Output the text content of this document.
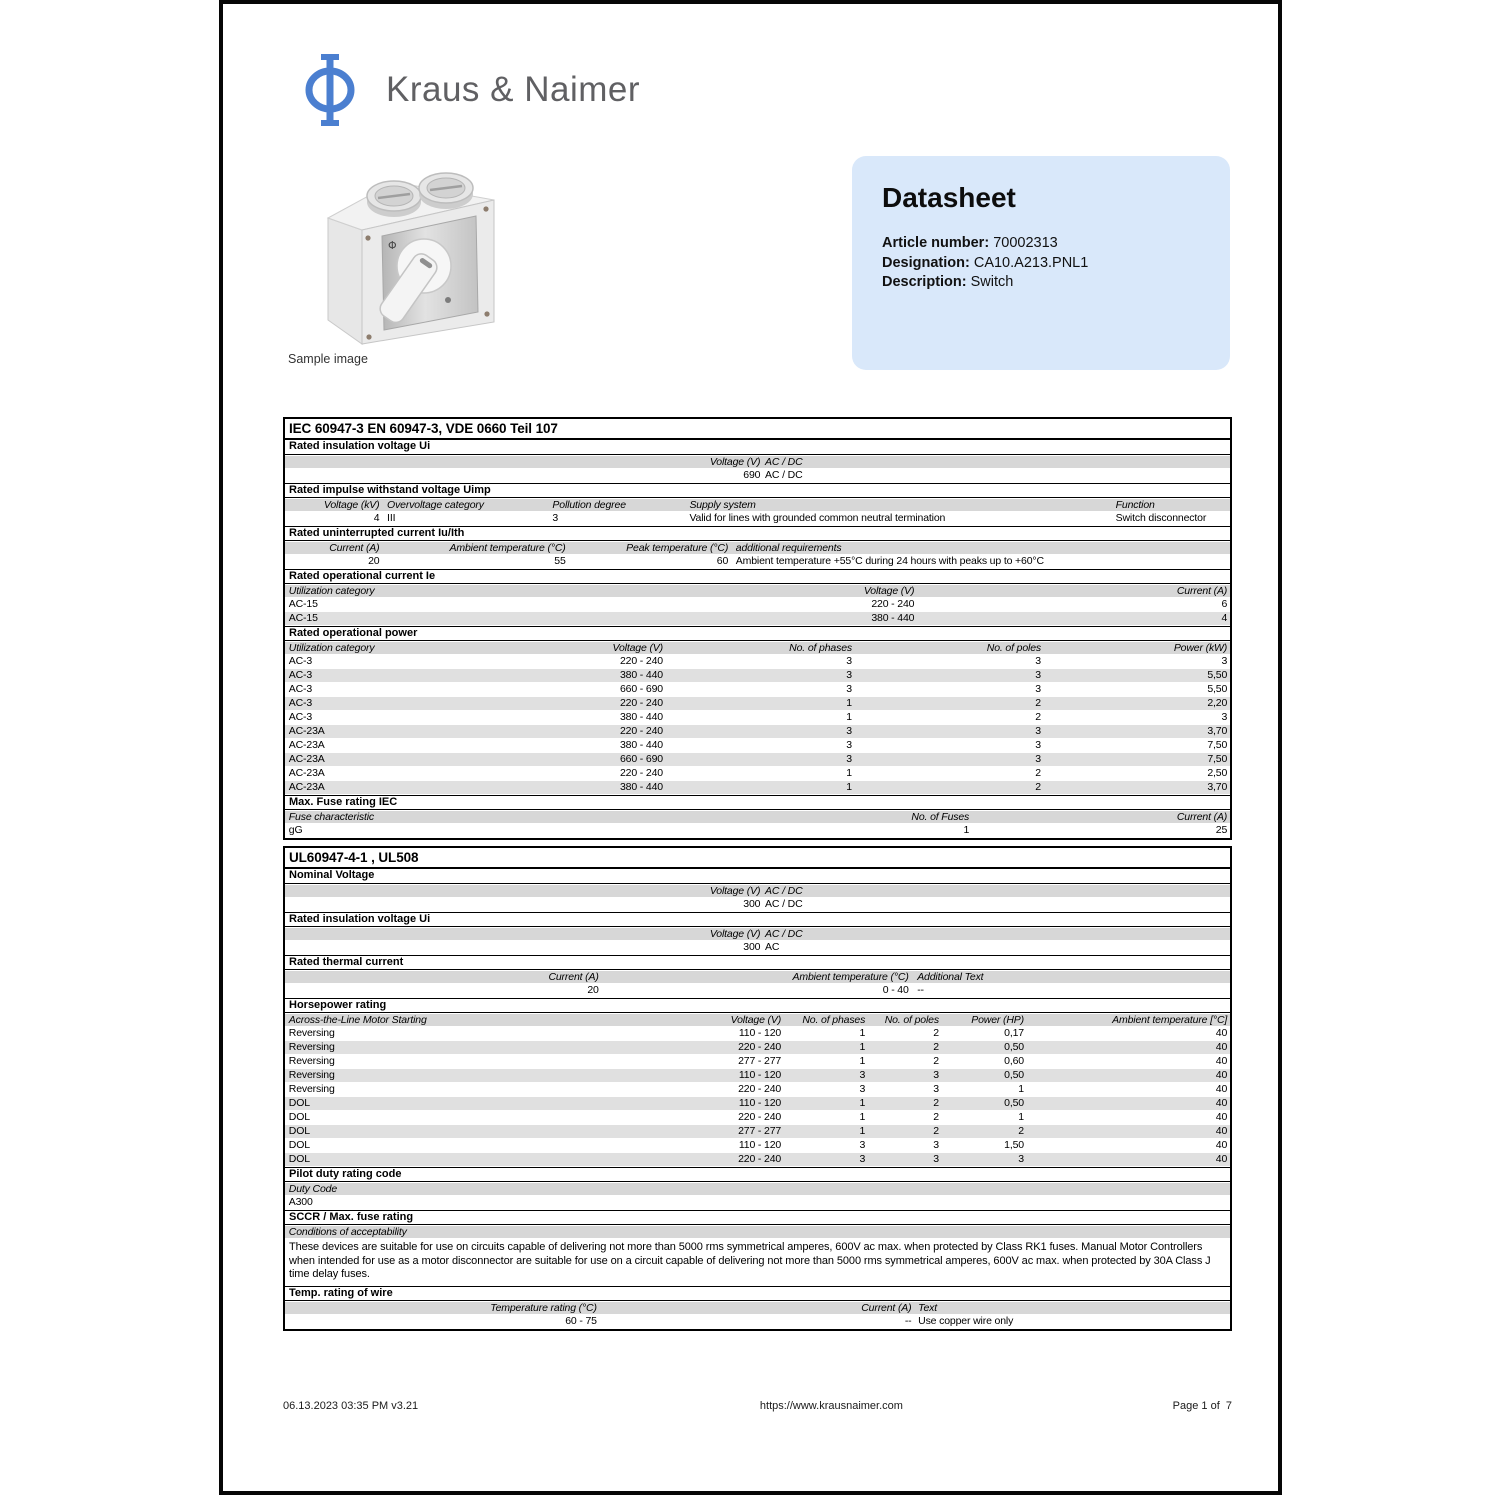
Kraus & Naimer
Φ
Sample image
Datasheet
Article number: 70002313
Designation: CA10.A213.PNL1
Description: Switch
IEC 60947-3 EN 60947-3, VDE 0660 Teil 107
Rated insulation voltage Ui
Voltage (V) AC / DC
690 AC / DC
Rated impulse withstand voltage Uimp
Voltage (kV) Overvoltage category	Pollution degree	Supply system	Function
4 III	3	Valid for lines with grounded common neutral termination	Switch disconnector
Rated uninterrupted current Iu/Ith
Current (A)	Ambient temperature (°C)	Peak temperature (°C) additional requirements
20	55	60 Ambient temperature +55°C during 24 hours with peaks up to +60°C
Rated operational current Ie
Utilization category	Voltage (V)	Current (A)
AC-15	220 - 240	6
AC-15	380 - 440	4
Rated operational power
Utilization category	Voltage (V)	No. of phases	No. of poles	Power (kW)
AC-3	220 - 240	3	3	3
AC-3	380 - 440	3	3	5,50
AC-3	660 - 690	3	3	5,50
AC-3	220 - 240	1	2	2,20
AC-3	380 - 440	1	2	3
AC-23A	220 - 240	3	3	3,70
AC-23A	380 - 440	3	3	7,50
AC-23A	660 - 690	3	3	7,50
AC-23A	220 - 240	1	2	2,50
AC-23A	380 - 440	1	2	3,70
Max. Fuse rating IEC
Fuse characteristic	No. of Fuses	Current (A)
gG	1	25
UL60947-4-1 , UL508
Nominal Voltage
Voltage (V) AC / DC
300 AC / DC
Rated insulation voltage Ui
Voltage (V) AC / DC
300 AC
Rated thermal current
Current (A)	Ambient temperature (°C) Additional Text
20	0 - 40 --
Horsepower rating
Across-the-Line Motor Starting	Voltage (V)	No. of phases	No. of poles	Power (HP)	Ambient temperature [°C]
Reversing	110 - 120	1	2	0,17	40
Reversing	220 - 240	1	2	0,50	40
Reversing	277 - 277	1	2	0,60	40
Reversing	110 - 120	3	3	0,50	40
Reversing	220 - 240	3	3	1	40
DOL	110 - 120	1	2	0,50	40
DOL	220 - 240	1	2	1	40
DOL	277 - 277	1	2	2	40
DOL	110 - 120	3	3	1,50	40
DOL	220 - 240	3	3	3	40
Pilot duty rating code
Duty Code
A300
SCCR / Max. fuse rating
Conditions of acceptability
These devices are suitable for use on circuits capable of delivering not more than 5000 rms symmetrical amperes, 600V ac max. when protected by Class RK1 fuses. Manual Motor Controllers when intended for use as a motor disconnector are suitable for use on a circuit capable of delivering not more than 5000 rms symmetrical amperes, 600V ac max. when protected by 30A Class J time delay fuses.
Temp. rating of wire
Temperature rating (°C)	Current (A) Text
60 - 75	-- Use copper wire only
06.13.2023 03:35 PM v3.21	https://www.krausnaimer.com	Page 1 of  7
